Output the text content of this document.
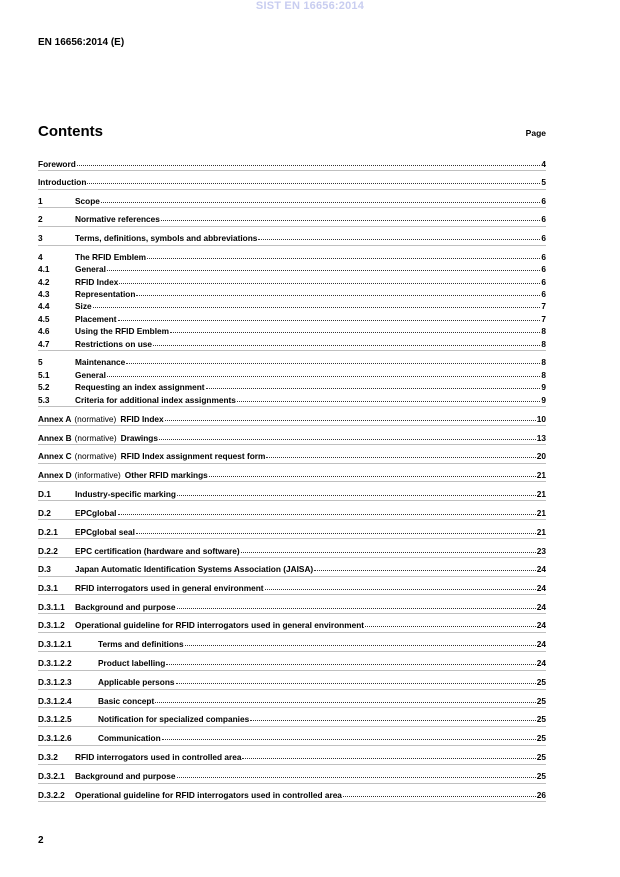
SIST EN 16656:2014
EN 16656:2014 (E)
Contents	Page
Foreword	4
Introduction	5
1	Scope	6
2	Normative references	6
3	Terms, definitions, symbols and abbreviations	6
4	The RFID Emblem	6
4.1	General	6
4.2	RFID Index	6
4.3	Representation	6
4.4	Size	7
4.5	Placement	7
4.6	Using the RFID Emblem	8
4.7	Restrictions on use	8
5	Maintenance	8
5.1	General	8
5.2	Requesting an index assignment	9
5.3	Criteria for additional index assignments	9
Annex A (normative) RFID Index	10
Annex B (normative) Drawings	13
Annex C (normative) RFID Index assignment request form	20
Annex D (informative) Other RFID markings	21
D.1	Industry-specific marking	21
D.2	EPCglobal	21
D.2.1	EPCglobal seal	21
D.2.2	EPC certification (hardware and software)	23
D.3	Japan Automatic Identification Systems Association (JAISA)	24
D.3.1	RFID interrogators used in general environment	24
D.3.1.1	Background and purpose	24
D.3.1.2	Operational guideline for RFID interrogators used in general environment	24
D.3.1.2.1	Terms and definitions	24
D.3.1.2.2	Product labelling	24
D.3.1.2.3	Applicable persons	25
D.3.1.2.4	Basic concept	25
D.3.1.2.5	Notification for specialized companies	25
D.3.1.2.6	Communication	25
D.3.2	RFID interrogators used in controlled area	25
D.3.2.1	Background and purpose	25
D.3.2.2	Operational guideline for RFID interrogators used in controlled area	26
2
